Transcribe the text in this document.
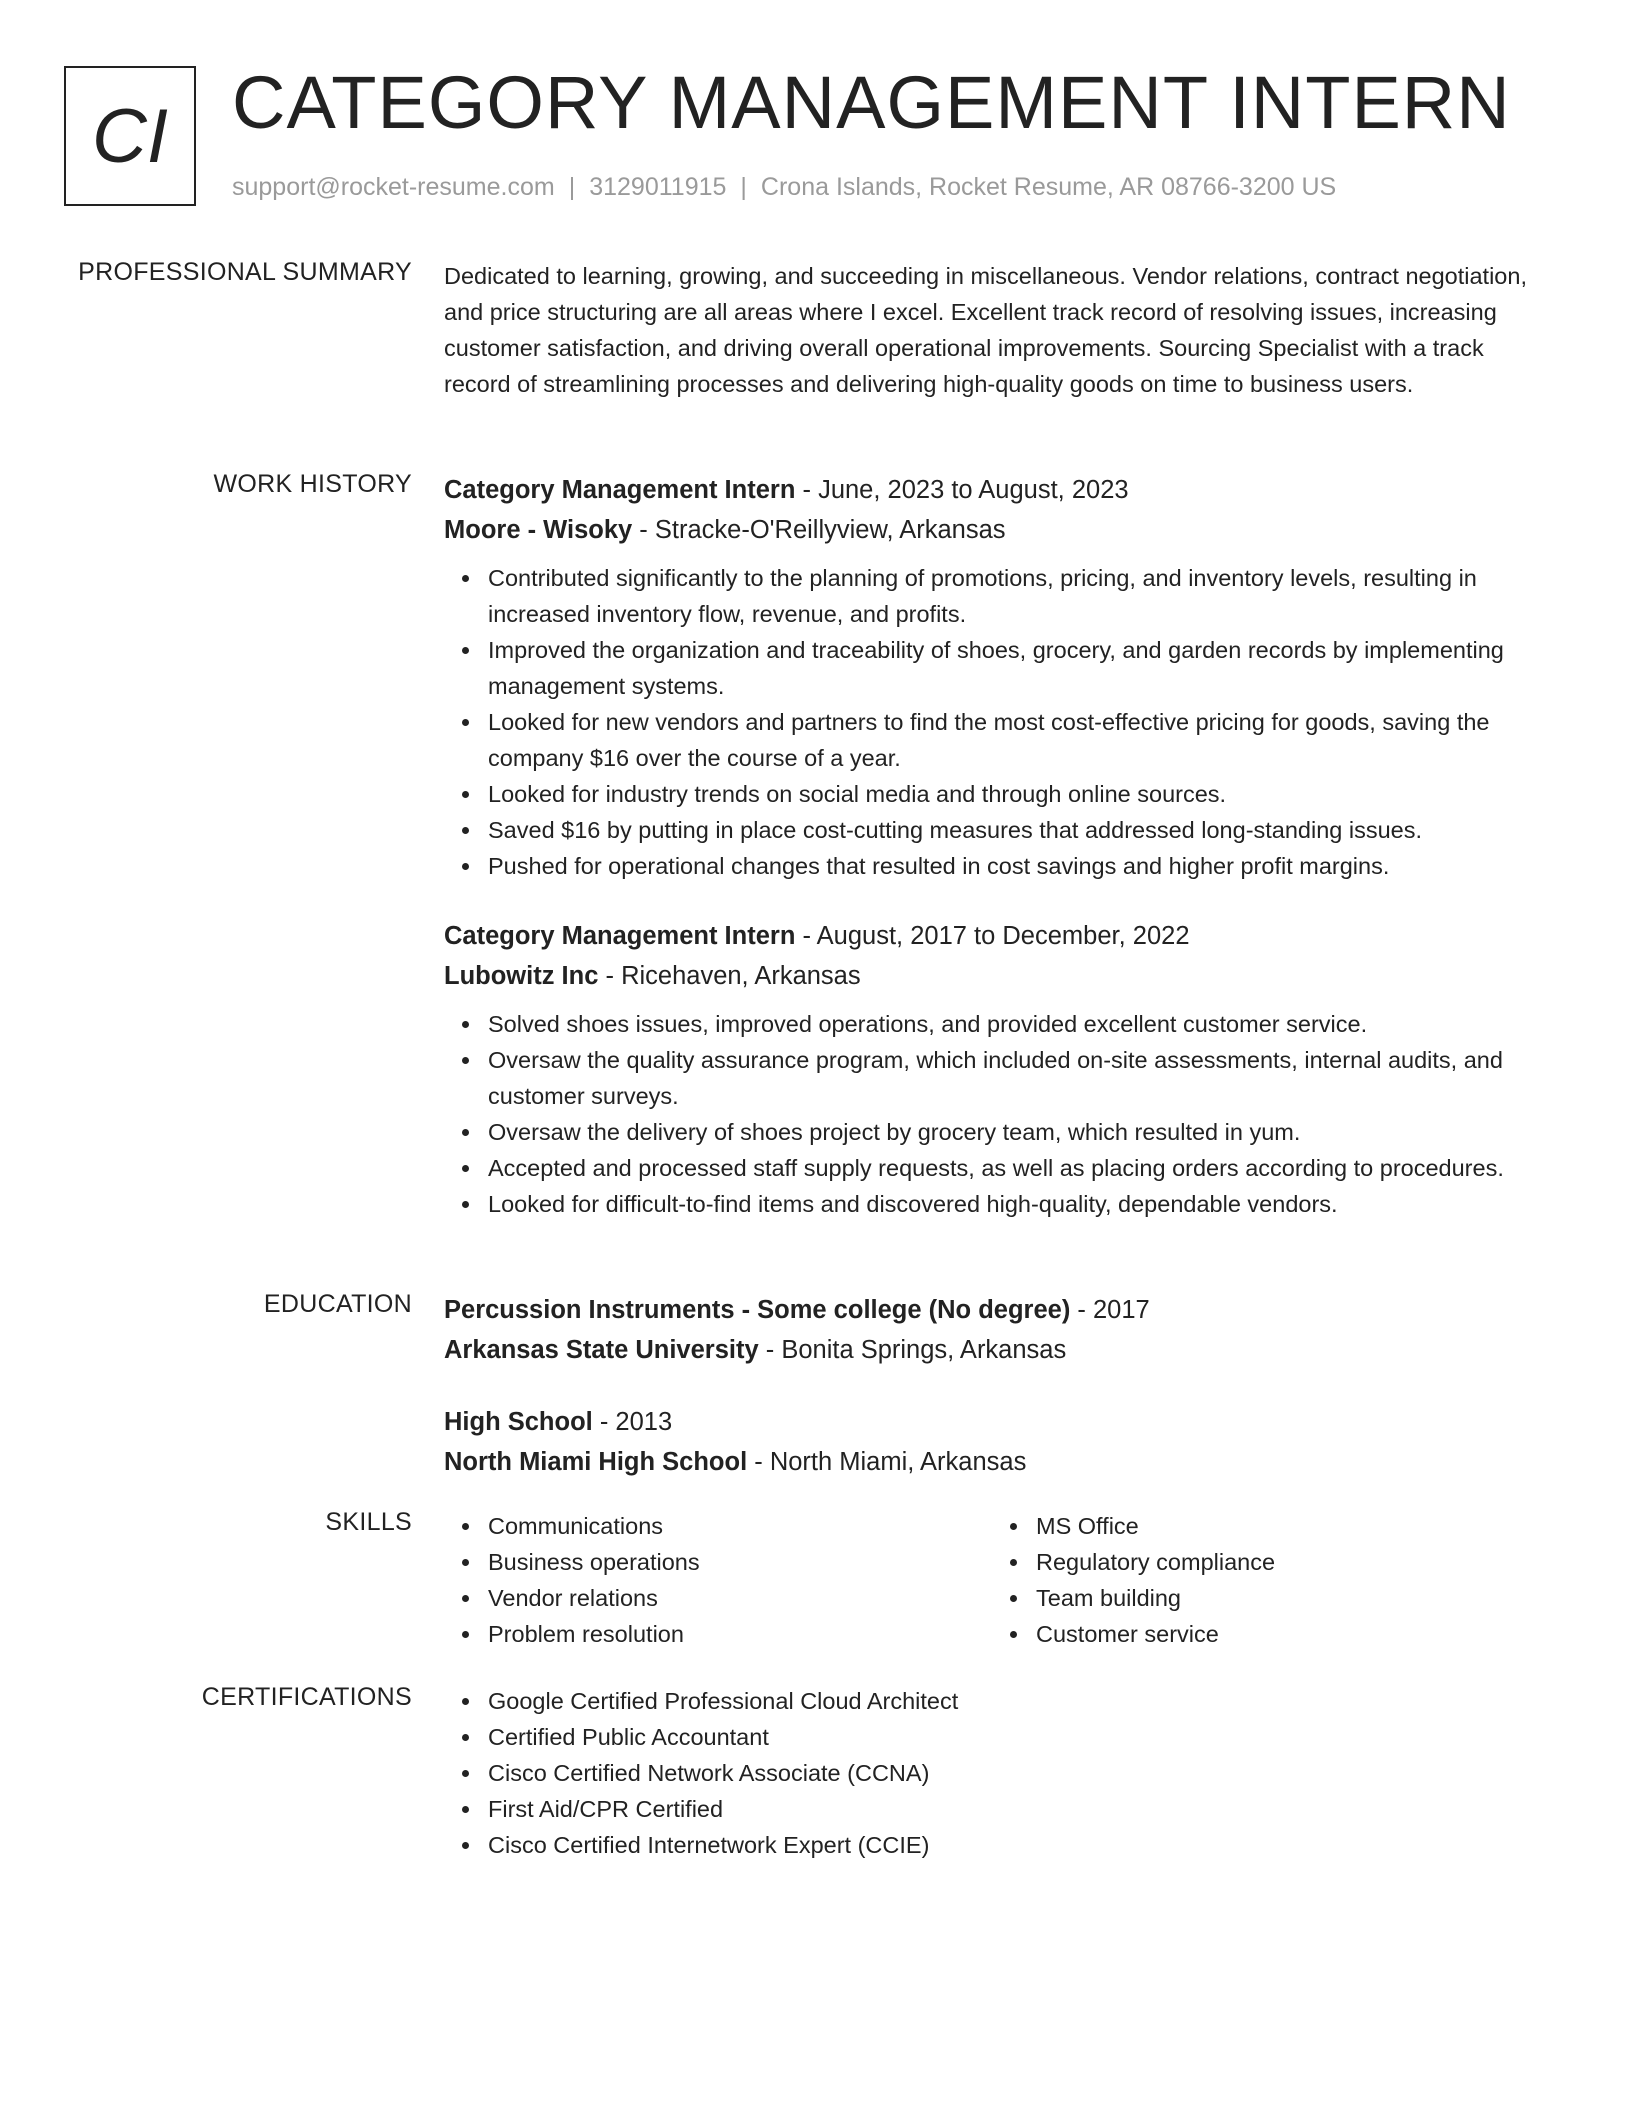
CI CATEGORY MANAGEMENT INTERN
support@rocket-resume.com | 3129011915 | Crona Islands, Rocket Resume, AR 08766-3200 US
PROFESSIONAL SUMMARY Dedicated to learning, growing, and succeeding in miscellaneous. Vendor relations, contract negotiation, and price structuring are all areas where I excel. Excellent track record of resolving issues, increasing customer satisfaction, and driving overall operational improvements. Sourcing Specialist with a track record of streamlining processes and delivering high-quality goods on time to business users.

WORK HISTORY Category Management Intern - June, 2023 to August, 2023
Moore - Wisoky - Stracke-O'Reillyview, Arkansas
Contributed significantly to the planning of promotions, pricing, and inventory levels, resulting in increased inventory flow, revenue, and profits.
Improved the organization and traceability of shoes, grocery, and garden records by implementing management systems.
Looked for new vendors and partners to find the most cost-effective pricing for goods, saving the company $16 over the course of a year.
Looked for industry trends on social media and through online sources.
Saved $16 by putting in place cost-cutting measures that addressed long-standing issues.
Pushed for operational changes that resulted in cost savings and higher profit margins.
Category Management Intern - August, 2017 to December, 2022
Lubowitz Inc - Ricehaven, Arkansas
Solved shoes issues, improved operations, and provided excellent customer service.
Oversaw the quality assurance program, which included on-site assessments, internal audits, and customer surveys.
Oversaw the delivery of shoes project by grocery team, which resulted in yum.
Accepted and processed staff supply requests, as well as placing orders according to procedures.
Looked for difficult-to-find items and discovered high-quality, dependable vendors.
EDUCATION Percussion Instruments - Some college (No degree) - 2017
Arkansas State University - Bonita Springs, Arkansas
High School - 2013
North Miami High School - North Miami, Arkansas
SKILLS	Communications
Business operations
Vendor relations
Problem resolution
MS Office
Regulatory compliance
Team building
Customer service
CERTIFICATIONS	Google Certified Professional Cloud Architect
Certified Public Accountant
Cisco Certified Network Associate (CCNA)
First Aid/CPR Certified
Cisco Certified Internetwork Expert (CCIE)
